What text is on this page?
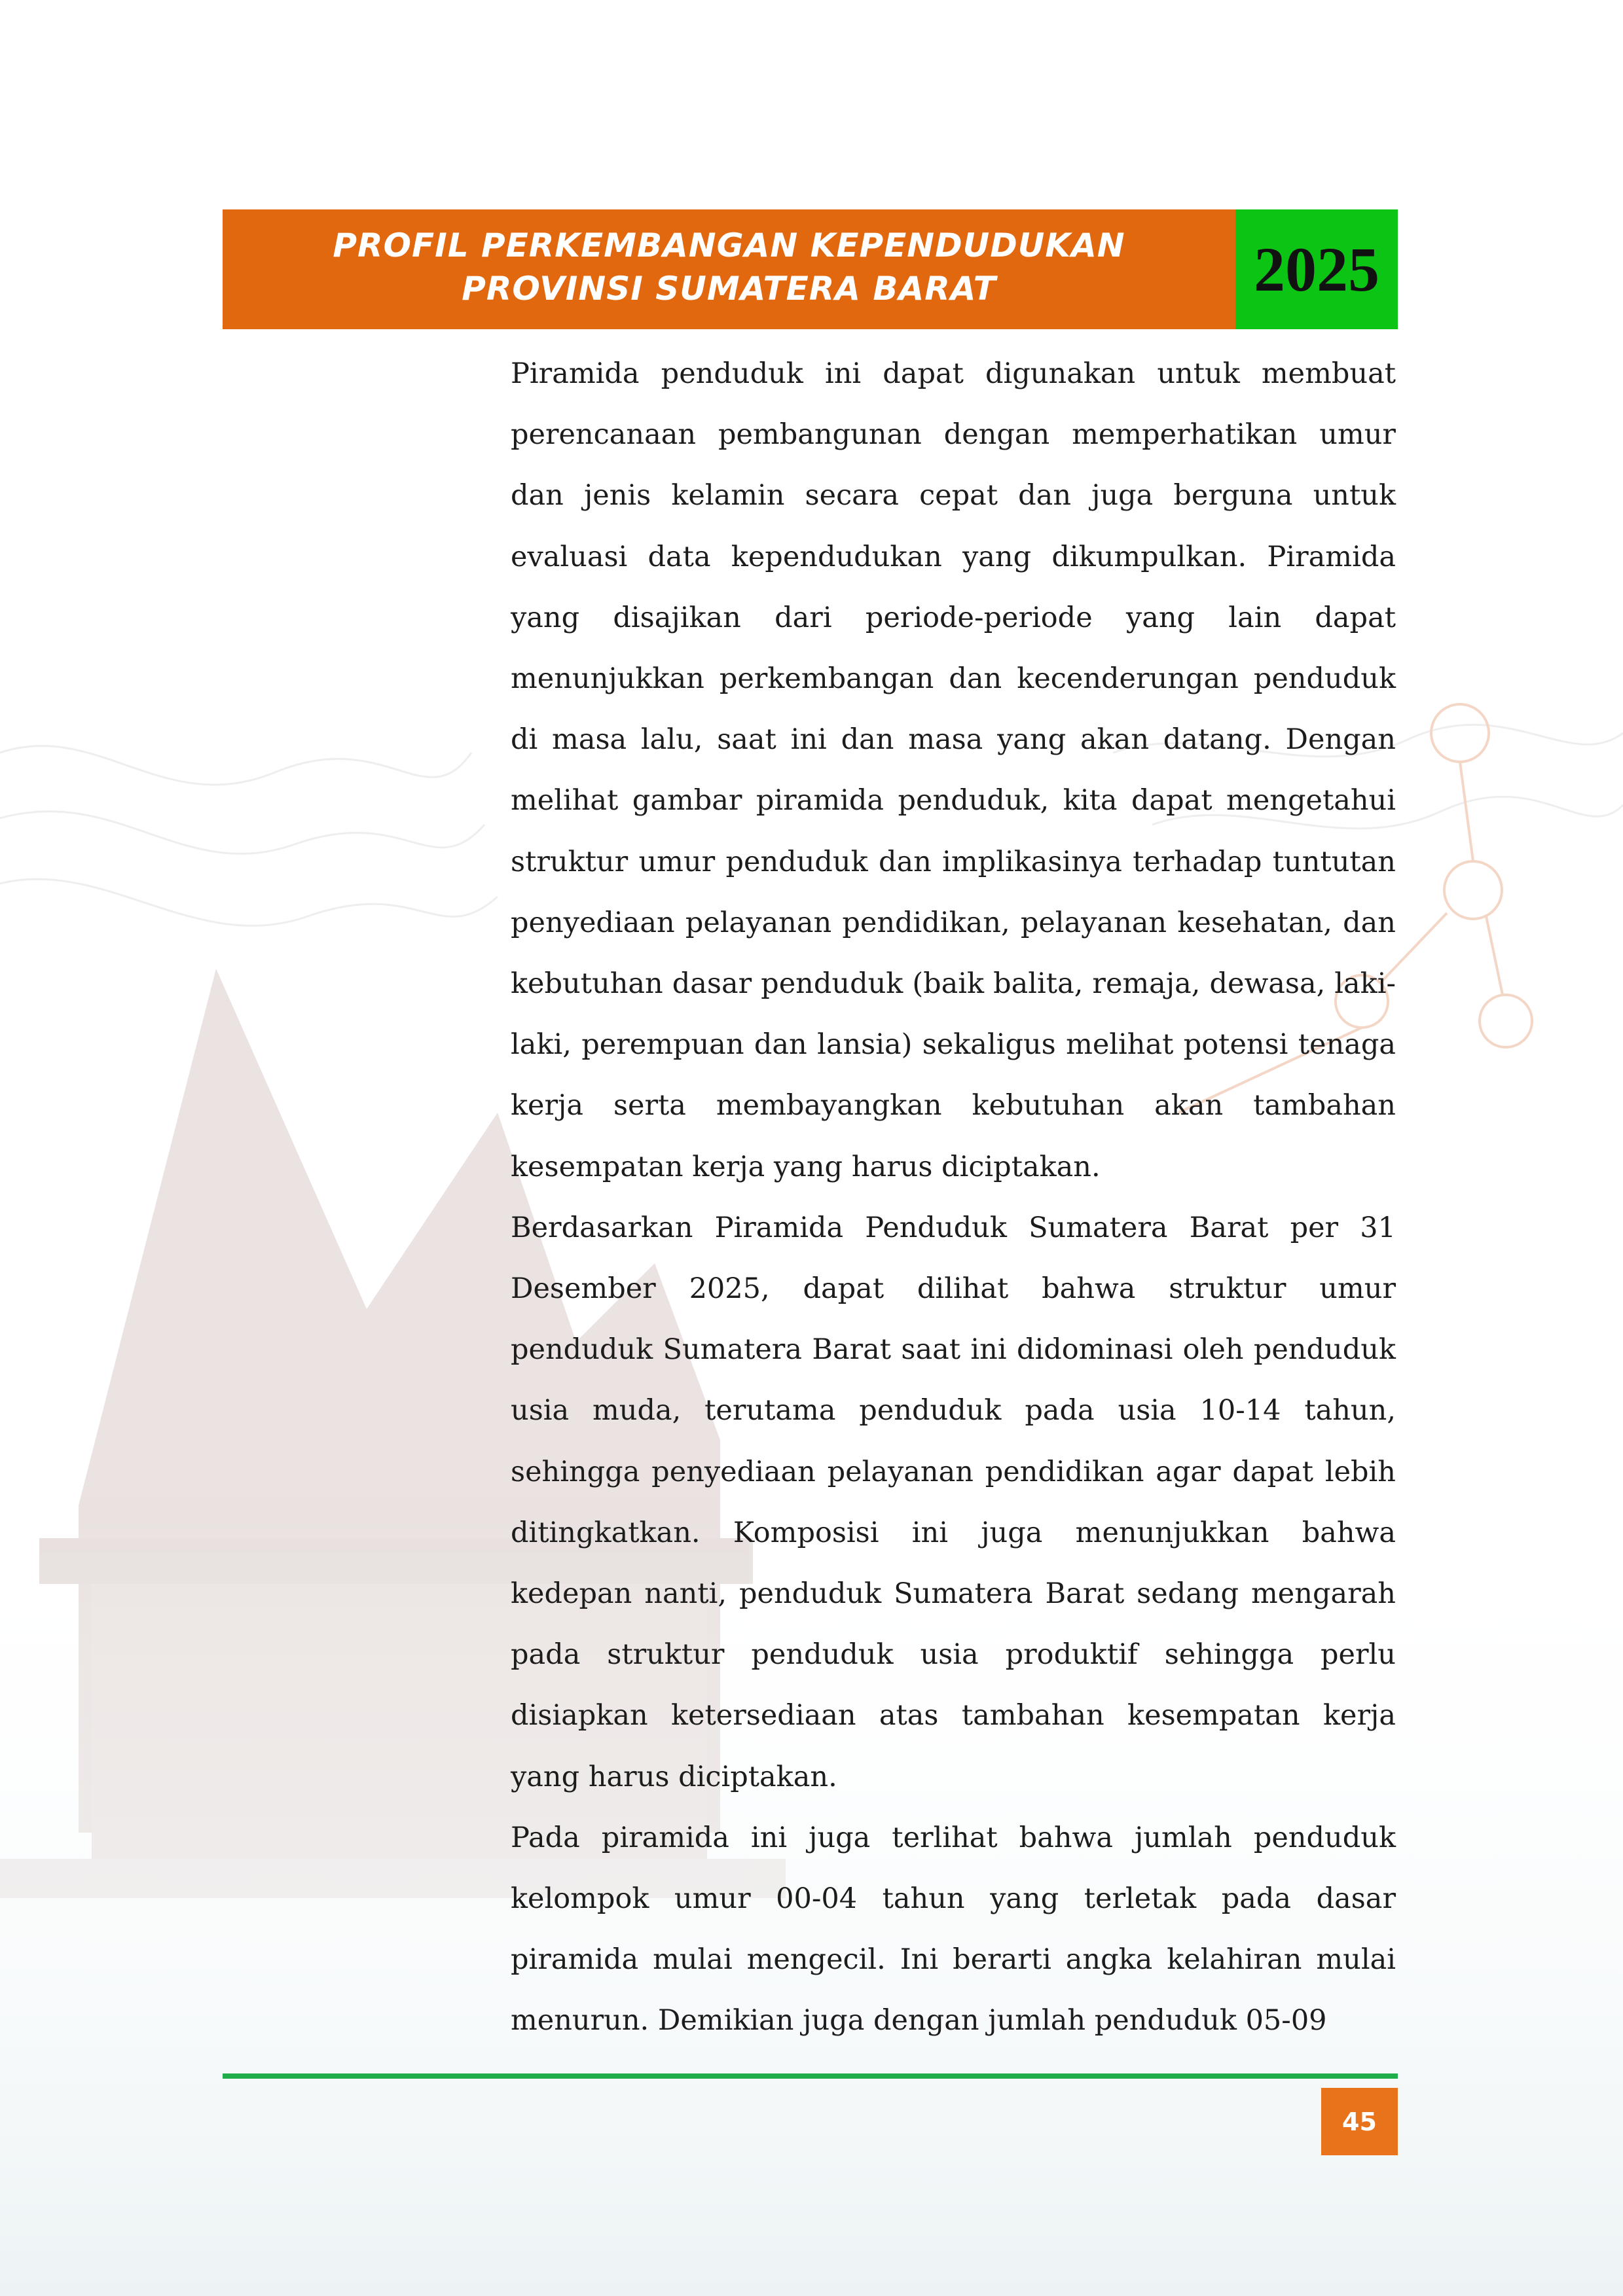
PROFIL PERKEMBANGAN KEPENDUDUKAN
PROVINSI SUMATERA BARAT	2025

Piramida penduduk ini dapat digunakan untuk membuat perencanaan pembangunan dengan memperhatikan umur dan jenis kelamin secara cepat dan juga berguna untuk evaluasi data kependudukan yang dikumpulkan. Piramida yang disajikan dari periode-periode yang lain dapat menunjukkan perkembangan dan kecenderungan penduduk di masa lalu, saat ini dan masa yang akan datang. Dengan melihat gambar piramida penduduk, kita dapat mengetahui struktur umur penduduk dan implikasinya terhadap tuntutan penyediaan pelayanan pendidikan, pelayanan kesehatan, dan kebutuhan dasar penduduk (baik balita, remaja, dewasa, laki-laki, perempuan dan lansia) sekaligus melihat potensi tenaga kerja serta membayangkan kebutuhan akan tambahan kesempatan kerja yang harus diciptakan.

Berdasarkan Piramida Penduduk Sumatera Barat per 31 Desember 2025, dapat dilihat bahwa struktur umur penduduk Sumatera Barat saat ini didominasi oleh penduduk usia muda, terutama penduduk pada usia 10-14 tahun, sehingga penyediaan pelayanan pendidikan agar dapat lebih ditingkatkan. Komposisi ini juga menunjukkan bahwa kedepan nanti, penduduk Sumatera Barat sedang mengarah pada struktur penduduk usia produktif sehingga perlu disiapkan ketersediaan atas tambahan kesempatan kerja yang harus diciptakan.

Pada piramida ini juga terlihat bahwa jumlah penduduk kelompok umur 00-04 tahun yang terletak pada dasar piramida mulai mengecil. Ini berarti angka kelahiran mulai menurun. Demikian juga dengan jumlah penduduk 05-09

45
